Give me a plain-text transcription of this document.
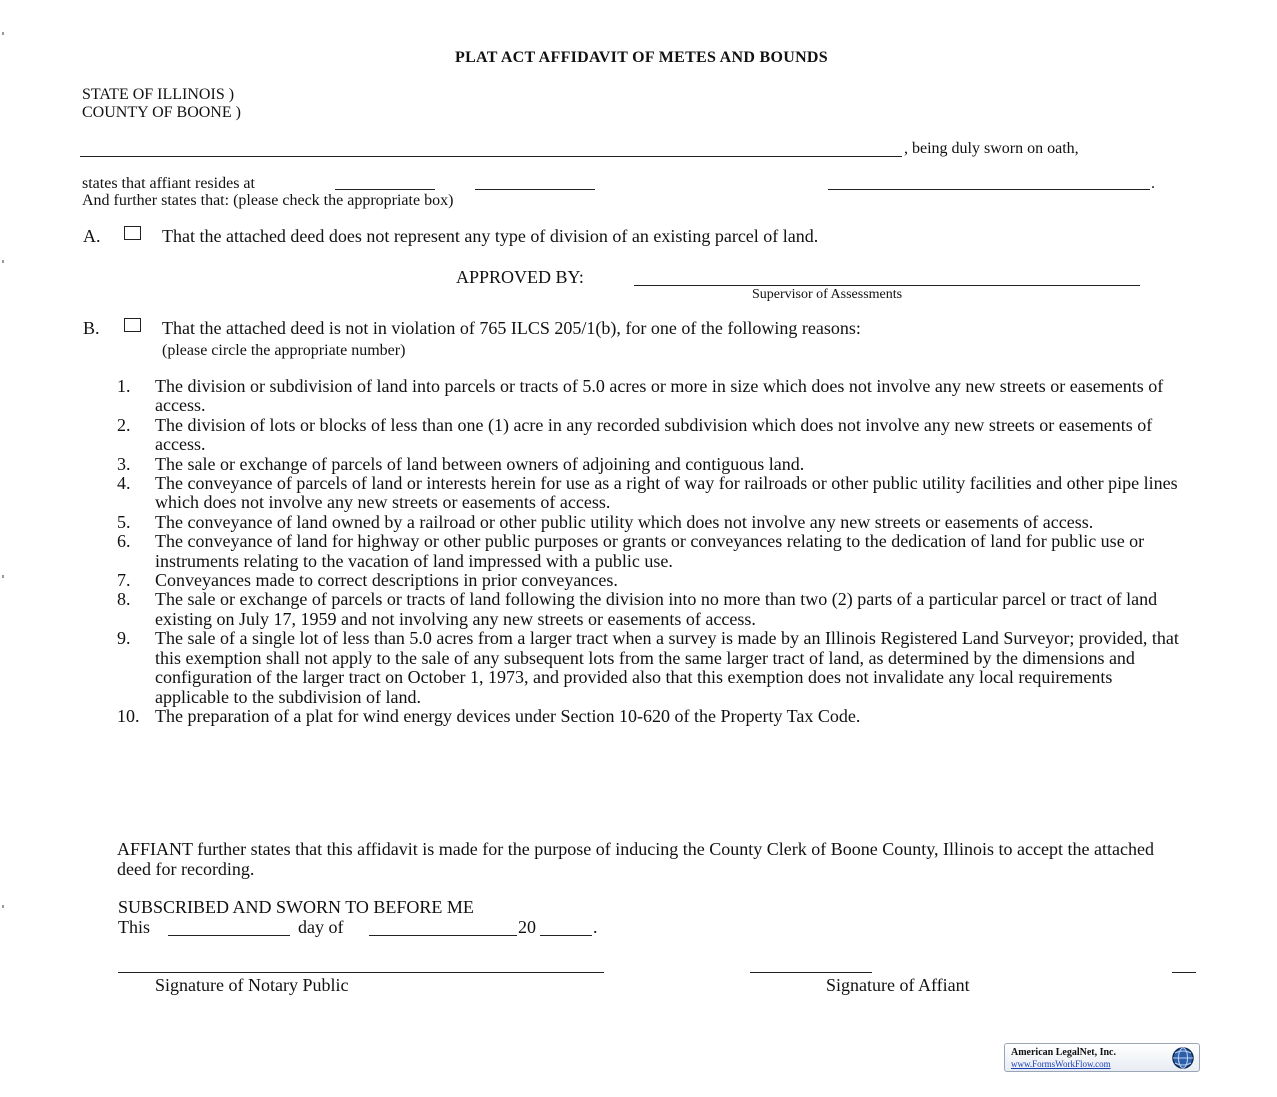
PLAT ACT AFFIDAVIT OF METES AND BOUNDS
STATE OF ILLINOIS )
COUNTY OF BOONE )
, being duly sworn on oath,
states that affiant resides at	.
And further states that: (please check the appropriate box)
A.	That the attached deed does not represent any type of division of an existing parcel of land.
APPROVED BY:
Supervisor of Assessments
B.	That the attached deed is not in violation of 765 ILCS 205/1(b), for one of the following reasons:
(please circle the appropriate number)
1.	The division or subdivision of land into parcels or tracts of 5.0 acres or more in size which does not involve any new streets or easements of access.
2.	The division of lots or blocks of less than one (1) acre in any recorded subdivision which does not involve any new streets or easements of access.
3.	The sale or exchange of parcels of land between owners of adjoining and contiguous land.
4.	The conveyance of parcels of land or interests herein for use as a right of way for railroads or other public utility facilities and other pipe lines which does not involve any new streets or easements of access.
5.	The conveyance of land owned by a railroad or other public utility which does not involve any new streets or easements of access.
6.	The conveyance of land for highway or other public purposes or grants or conveyances relating to the dedication of land for public use or instruments relating to the vacation of land impressed with a public use.
7.	Conveyances made to correct descriptions in prior conveyances.
8.	The sale or exchange of parcels or tracts of land following the division into no more than two (2) parts of a particular parcel or tract of land existing on July 17, 1959 and not involving any new streets or easements of access.
9.	The sale of a single lot of less than 5.0 acres from a larger tract when a survey is made by an Illinois Registered Land Surveyor; provided, that this exemption shall not apply to the sale of any subsequent lots from the same larger tract of land, as determined by the dimensions and configuration of the larger tract on October 1, 1973, and provided also that this exemption does not invalidate any local requirements applicable to the subdivision of land.
10. The preparation of a plat for wind energy devices under Section 10-620 of the Property Tax Code.
AFFIANT further states that this affidavit is made for the purpose of inducing the County Clerk of Boone County, Illinois to accept the attached deed for recording.
SUBSCRIBED AND SWORN TO BEFORE ME
This	day of	20	.
Signature of Notary Public	Signature of Affiant
American LegalNet, Inc.
www.FormsWorkFlow.com
